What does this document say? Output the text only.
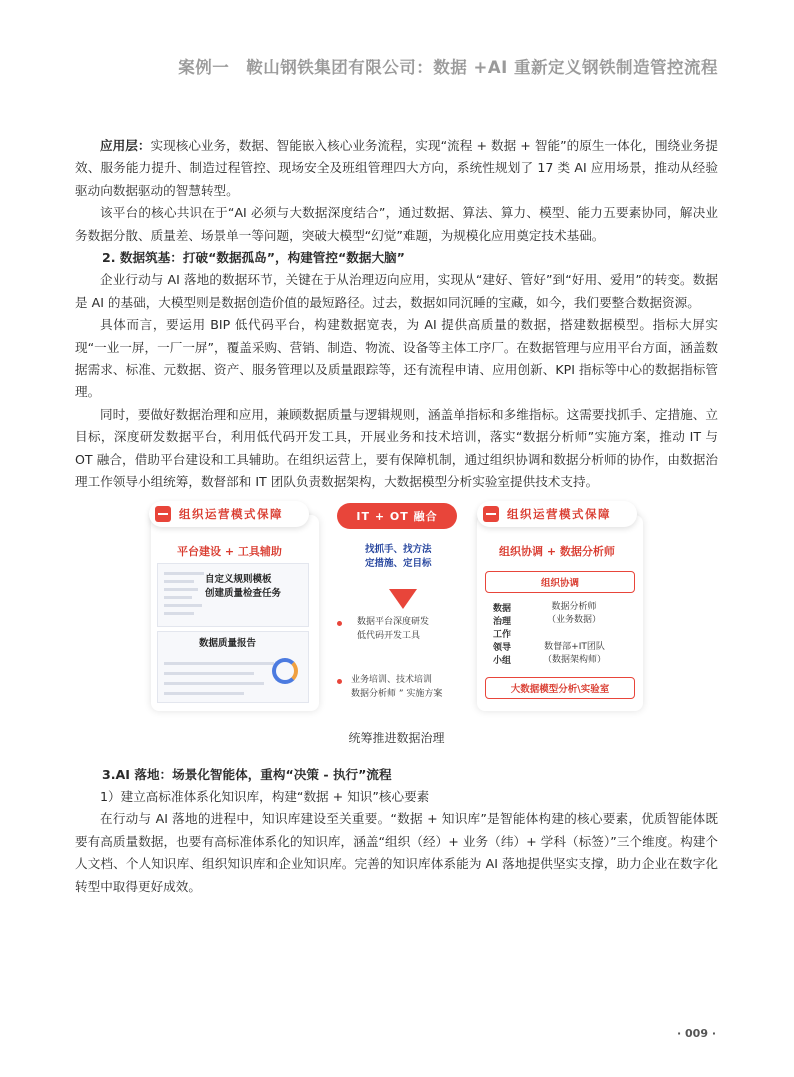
案例一　鞍山钢铁集团有限公司：数据 +AI 重新定义钢铁制造管控流程

应用层：实现核心业务，数据、智能嵌入核心业务流程，实现“流程 + 数据 + 智能”的原生一体化，围绕业务提效、服务能力提升、制造过程管控、现场安全及班组管理四大方向，系统性规划了 17 类 AI 应用场景，推动从经验驱动向数据驱动的智慧转型。

该平台的核心共识在于“AI 必须与大数据深度结合”，通过数据、算法、算力、模型、能力五要素协同，解决业务数据分散、质量差、场景单一等问题，突破大模型“幻觉”难题，为规模化应用奠定技术基础。

2. 数据筑基：打破“数据孤岛”，构建管控“数据大脑”

企业行动与 AI 落地的数据环节，关键在于从治理迈向应用，实现从“建好、管好”到“好用、爱用”的转变。数据是 AI 的基础，大模型则是数据创造价值的最短路径。过去，数据如同沉睡的宝藏，如今，我们要整合数据资源。

具体而言，要运用 BIP 低代码平台，构建数据宽表，为 AI 提供高质量的数据，搭建数据模型。指标大屏实现“一业一屏，一厂一屏”，覆盖采购、营销、制造、物流、设备等主体工序厂。在数据管理与应用平台方面，涵盖数据需求、标准、元数据、资产、服务管理以及质量跟踪等，还有流程申请、应用创新、KPI 指标等中心的数据指标管理。

同时，要做好数据治理和应用，兼顾数据质量与逻辑规则，涵盖单指标和多维指标。这需要找抓手、定措施、立目标，深度研发数据平台，利用低代码开发工具，开展业务和技术培训，落实“数据分析师”实施方案，推动 IT 与 OT 融合，借助平台建设和工具辅助。在组织运营上，要有保障机制，通过组织协调和数据分析师的协作，由数据治理工作领导小组统筹，数督部和 IT 团队负责数据架构，大数据模型分析实验室提供技术支持。

组织运营模式保障
平台建设 + 工具辅助
自定义规则模板
创建质量检查任务
数据质量报告
IT + OT 融合
找抓手、找方法
定措施、定目标
数据平台深度研发
低代码开发工具
业务培训、技术培训
数据分析师 ” 实施方案
组织运营模式保障
组织协调 + 数据分析师
组织协调
数据
治理
工作
领导
小组
数据分析师
（业务数据）
数督部+IT团队
（数据架构师）
大数据模型分析\实验室
统筹推进数据治理

3.AI 落地：场景化智能体，重构“决策 - 执行”流程

1）建立高标准体系化知识库，构建“数据 + 知识”核心要素

在行动与 AI 落地的进程中，知识库建设至关重要。“数据 + 知识库”是智能体构建的核心要素，优质智能体既要有高质量数据，也要有高标准体系化的知识库，涵盖“组织（经）+ 业务（纬）+ 学科（标签）”三个维度。构建个人文档、个人知识库、组织知识库和企业知识库。完善的知识库体系能为 AI 落地提供坚实支撑，助力企业在数字化转型中取得更好成效。

· 009 ·
